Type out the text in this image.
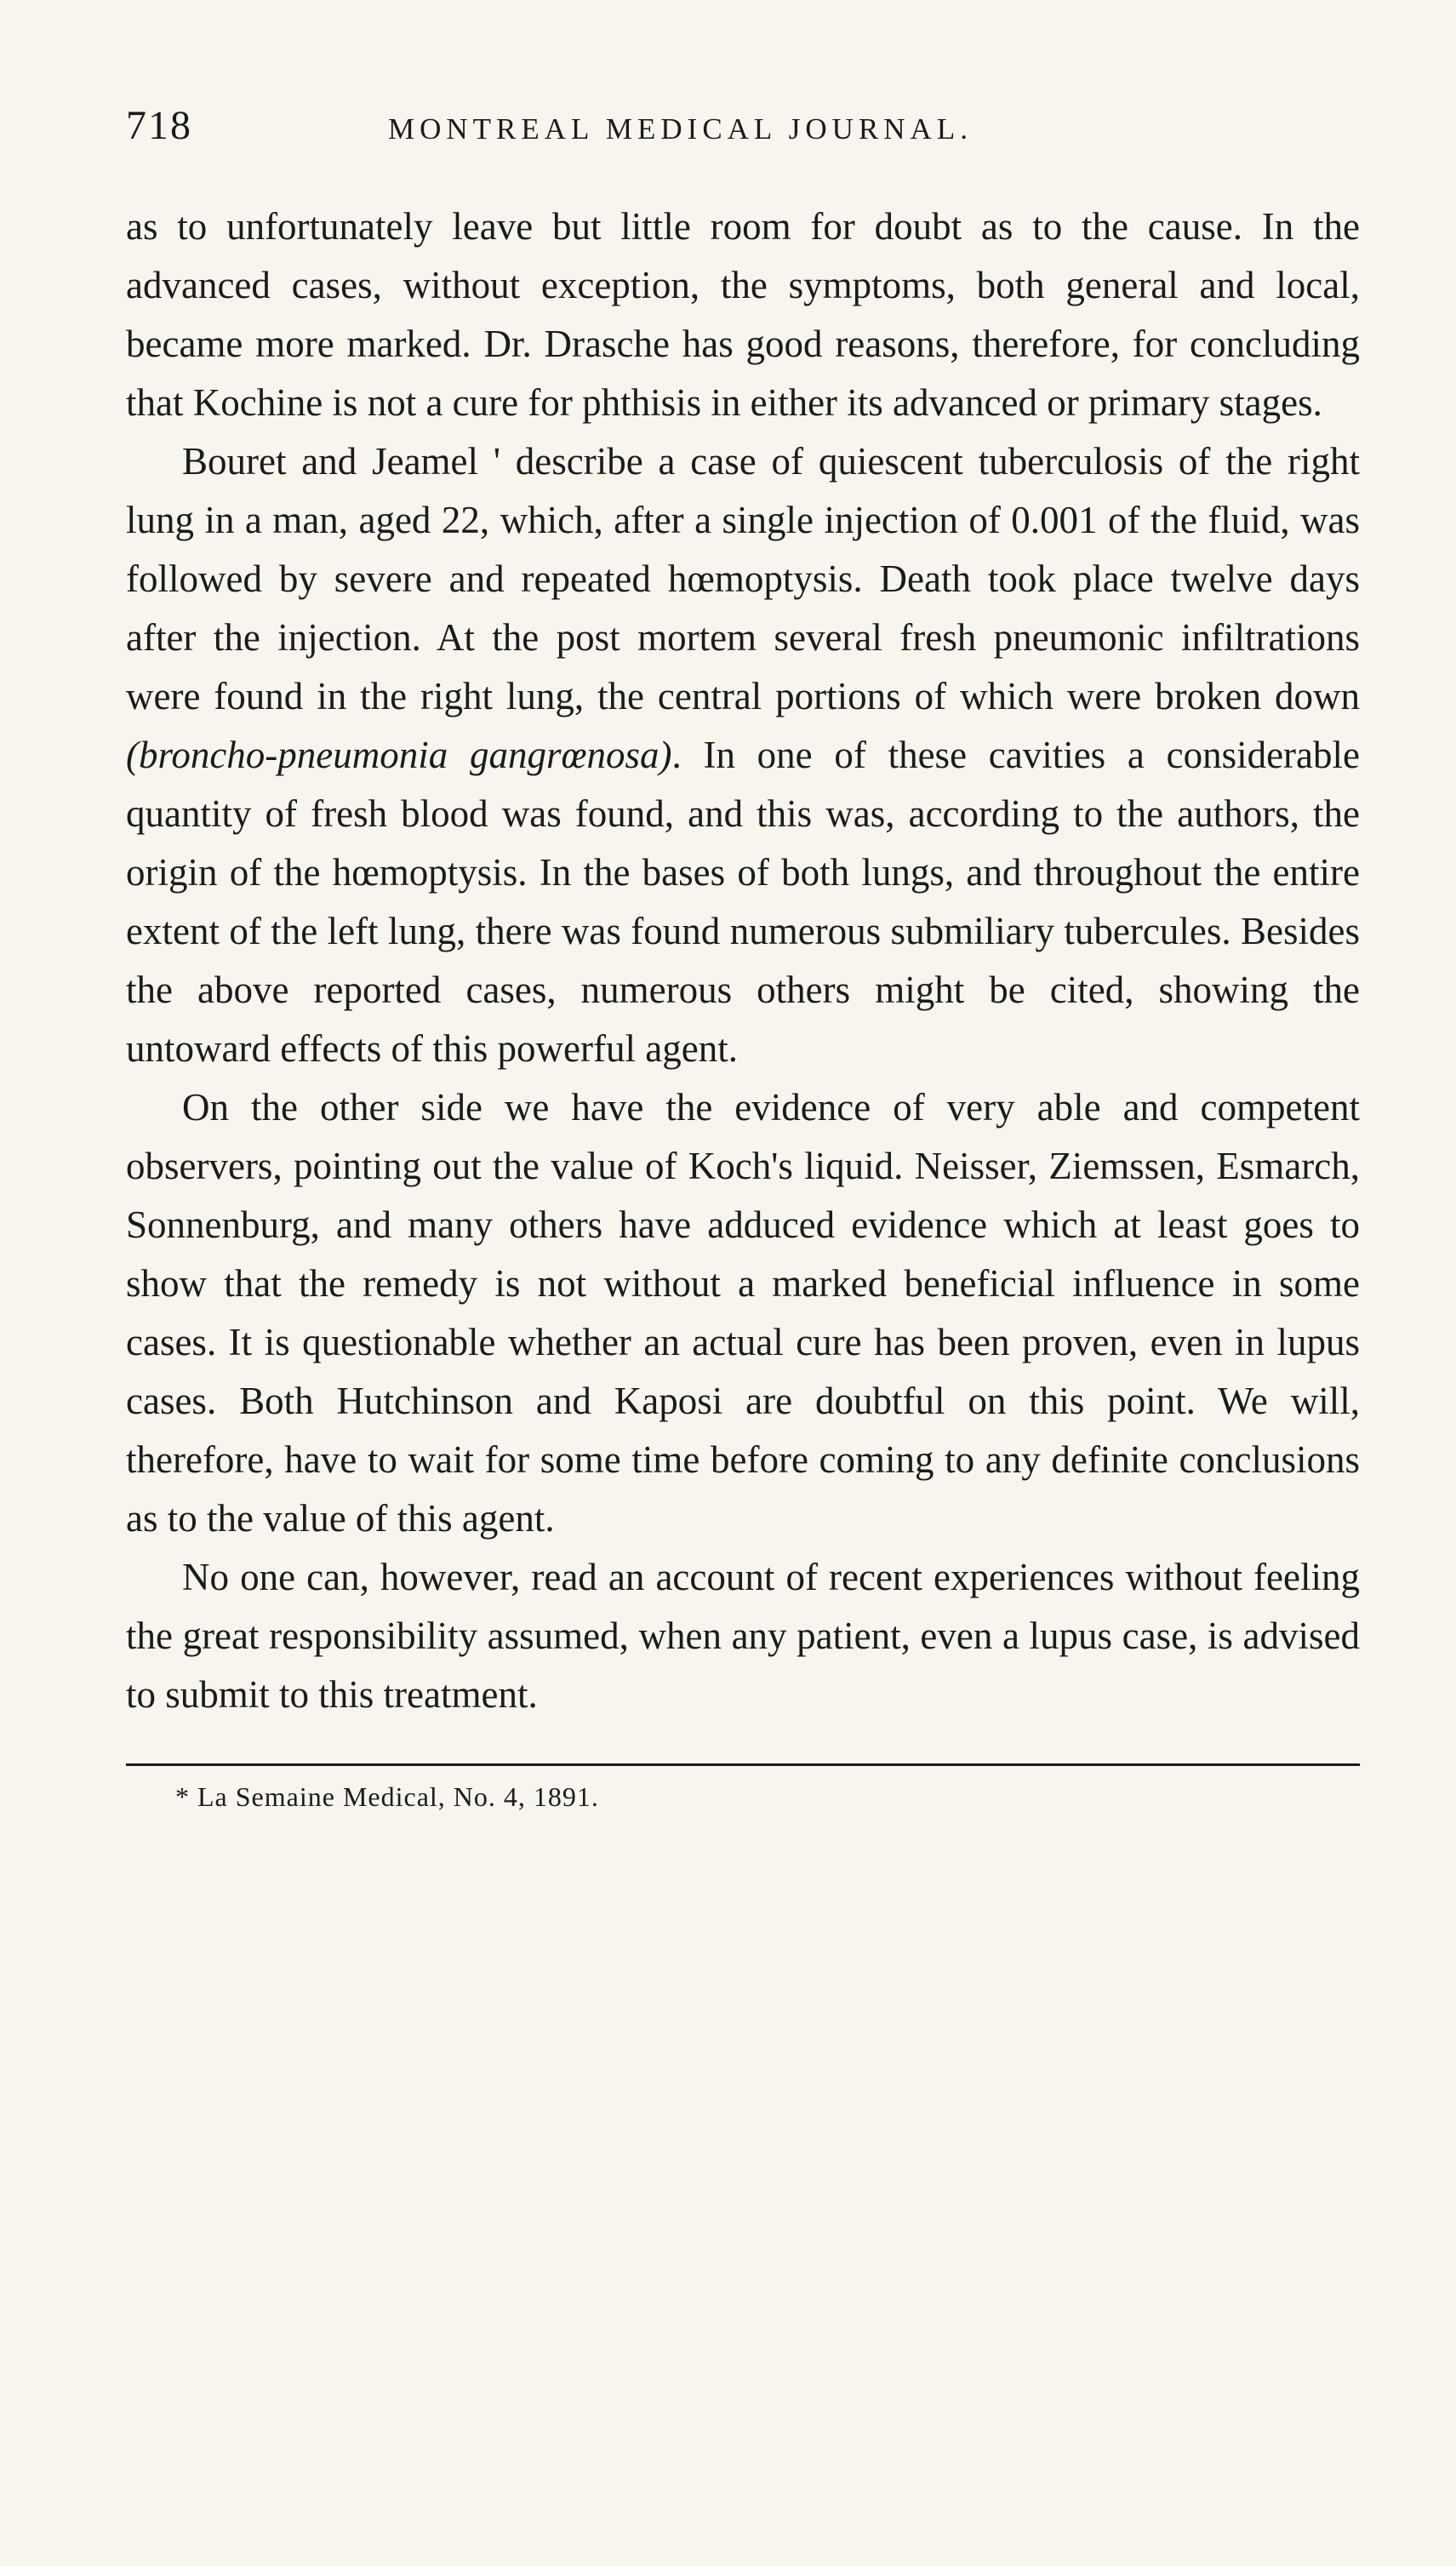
718	MONTREAL MEDICAL JOURNAL.

as to unfortunately leave but little room for doubt as to the cause. In the advanced cases, without exception, the symptoms, both general and local, became more marked. Dr. Drasche has good reasons, therefore, for concluding that Kochine is not a cure for phthisis in either its advanced or primary stages.

Bouret and Jeamel ' describe a case of quiescent tuberculosis of the right lung in a man, aged 22, which, after a single injection of 0.001 of the fluid, was followed by severe and repeated hœmoptysis. Death took place twelve days after the injection. At the post mortem several fresh pneumonic infiltrations were found in the right lung, the central portions of which were broken down (broncho-pneumonia gangrœnosa). In one of these cavities a considerable quantity of fresh blood was found, and this was, according to the authors, the origin of the hœmoptysis. In the bases of both lungs, and throughout the entire extent of the left lung, there was found numerous submiliary tubercules. Besides the above reported cases, numerous others might be cited, showing the untoward effects of this powerful agent.

On the other side we have the evidence of very able and competent observers, pointing out the value of Koch's liquid. Neisser, Ziemssen, Esmarch, Sonnenburg, and many others have adduced evidence which at least goes to show that the remedy is not without a marked beneficial influence in some cases. It is questionable whether an actual cure has been proven, even in lupus cases. Both Hutchinson and Kaposi are doubtful on this point. We will, therefore, have to wait for some time before coming to any definite conclusions as to the value of this agent.

No one can, however, read an account of recent experiences without feeling the great responsibility assumed, when any patient, even a lupus case, is advised to submit to this treatment.

* La Semaine Medical, No. 4, 1891.
